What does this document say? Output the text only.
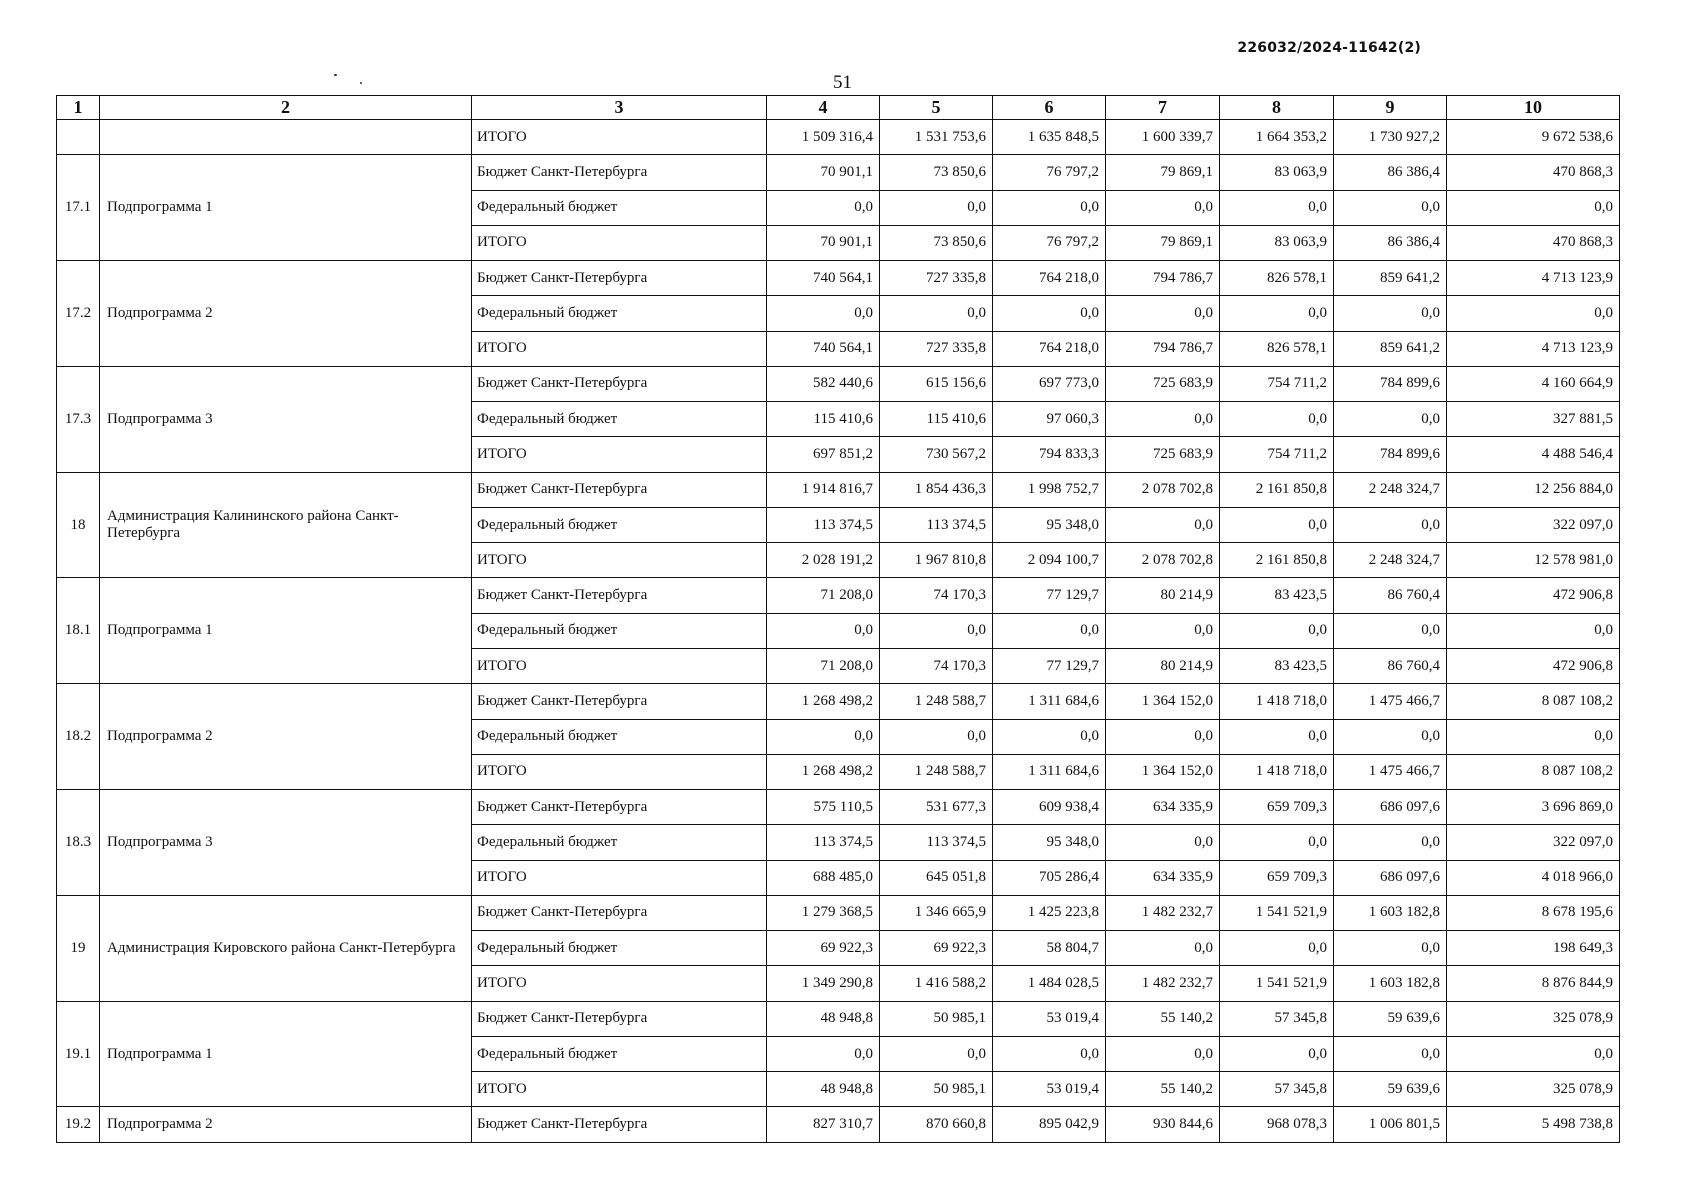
226032/2024-11642(2)
51
1	2	3	4	5	6	7	8	9	10
		ИТОГО	1 509 316,4	1 531 753,6	1 635 848,5	1 600 339,7	1 664 353,2	1 730 927,2	9 672 538,6
17.1	Подпрограмма 1	Бюджет Санкт-Петербурга	70 901,1	73 850,6	76 797,2	79 869,1	83 063,9	86 386,4	470 868,3
		Федеральный бюджет	0,0	0,0	0,0	0,0	0,0	0,0	0,0
		ИТОГО	70 901,1	73 850,6	76 797,2	79 869,1	83 063,9	86 386,4	470 868,3
17.2	Подпрограмма 2	Бюджет Санкт-Петербурга	740 564,1	727 335,8	764 218,0	794 786,7	826 578,1	859 641,2	4 713 123,9
		Федеральный бюджет	0,0	0,0	0,0	0,0	0,0	0,0	0,0
		ИТОГО	740 564,1	727 335,8	764 218,0	794 786,7	826 578,1	859 641,2	4 713 123,9
17.3	Подпрограмма 3	Бюджет Санкт-Петербурга	582 440,6	615 156,6	697 773,0	725 683,9	754 711,2	784 899,6	4 160 664,9
		Федеральный бюджет	115 410,6	115 410,6	97 060,3	0,0	0,0	0,0	327 881,5
		ИТОГО	697 851,2	730 567,2	794 833,3	725 683,9	754 711,2	784 899,6	4 488 546,4
18	Администрация Калининского района Санкт-Петербурга	Бюджет Санкт-Петербурга	1 914 816,7	1 854 436,3	1 998 752,7	2 078 702,8	2 161 850,8	2 248 324,7	12 256 884,0
		Федеральный бюджет	113 374,5	113 374,5	95 348,0	0,0	0,0	0,0	322 097,0
		ИТОГО	2 028 191,2	1 967 810,8	2 094 100,7	2 078 702,8	2 161 850,8	2 248 324,7	12 578 981,0
18.1	Подпрограмма 1	Бюджет Санкт-Петербурга	71 208,0	74 170,3	77 129,7	80 214,9	83 423,5	86 760,4	472 906,8
		Федеральный бюджет	0,0	0,0	0,0	0,0	0,0	0,0	0,0
		ИТОГО	71 208,0	74 170,3	77 129,7	80 214,9	83 423,5	86 760,4	472 906,8
18.2	Подпрограмма 2	Бюджет Санкт-Петербурга	1 268 498,2	1 248 588,7	1 311 684,6	1 364 152,0	1 418 718,0	1 475 466,7	8 087 108,2
		Федеральный бюджет	0,0	0,0	0,0	0,0	0,0	0,0	0,0
		ИТОГО	1 268 498,2	1 248 588,7	1 311 684,6	1 364 152,0	1 418 718,0	1 475 466,7	8 087 108,2
18.3	Подпрограмма 3	Бюджет Санкт-Петербурга	575 110,5	531 677,3	609 938,4	634 335,9	659 709,3	686 097,6	3 696 869,0
		Федеральный бюджет	113 374,5	113 374,5	95 348,0	0,0	0,0	0,0	322 097,0
		ИТОГО	688 485,0	645 051,8	705 286,4	634 335,9	659 709,3	686 097,6	4 018 966,0
19	Администрация Кировского района Санкт-Петербурга	Бюджет Санкт-Петербурга	1 279 368,5	1 346 665,9	1 425 223,8	1 482 232,7	1 541 521,9	1 603 182,8	8 678 195,6
		Федеральный бюджет	69 922,3	69 922,3	58 804,7	0,0	0,0	0,0	198 649,3
		ИТОГО	1 349 290,8	1 416 588,2	1 484 028,5	1 482 232,7	1 541 521,9	1 603 182,8	8 876 844,9
19.1	Подпрограмма 1	Бюджет Санкт-Петербурга	48 948,8	50 985,1	53 019,4	55 140,2	57 345,8	59 639,6	325 078,9
		Федеральный бюджет	0,0	0,0	0,0	0,0	0,0	0,0	0,0
		ИТОГО	48 948,8	50 985,1	53 019,4	55 140,2	57 345,8	59 639,6	325 078,9
19.2	Подпрограмма 2	Бюджет Санкт-Петербурга	827 310,7	870 660,8	895 042,9	930 844,6	968 078,3	1 006 801,5	5 498 738,8
